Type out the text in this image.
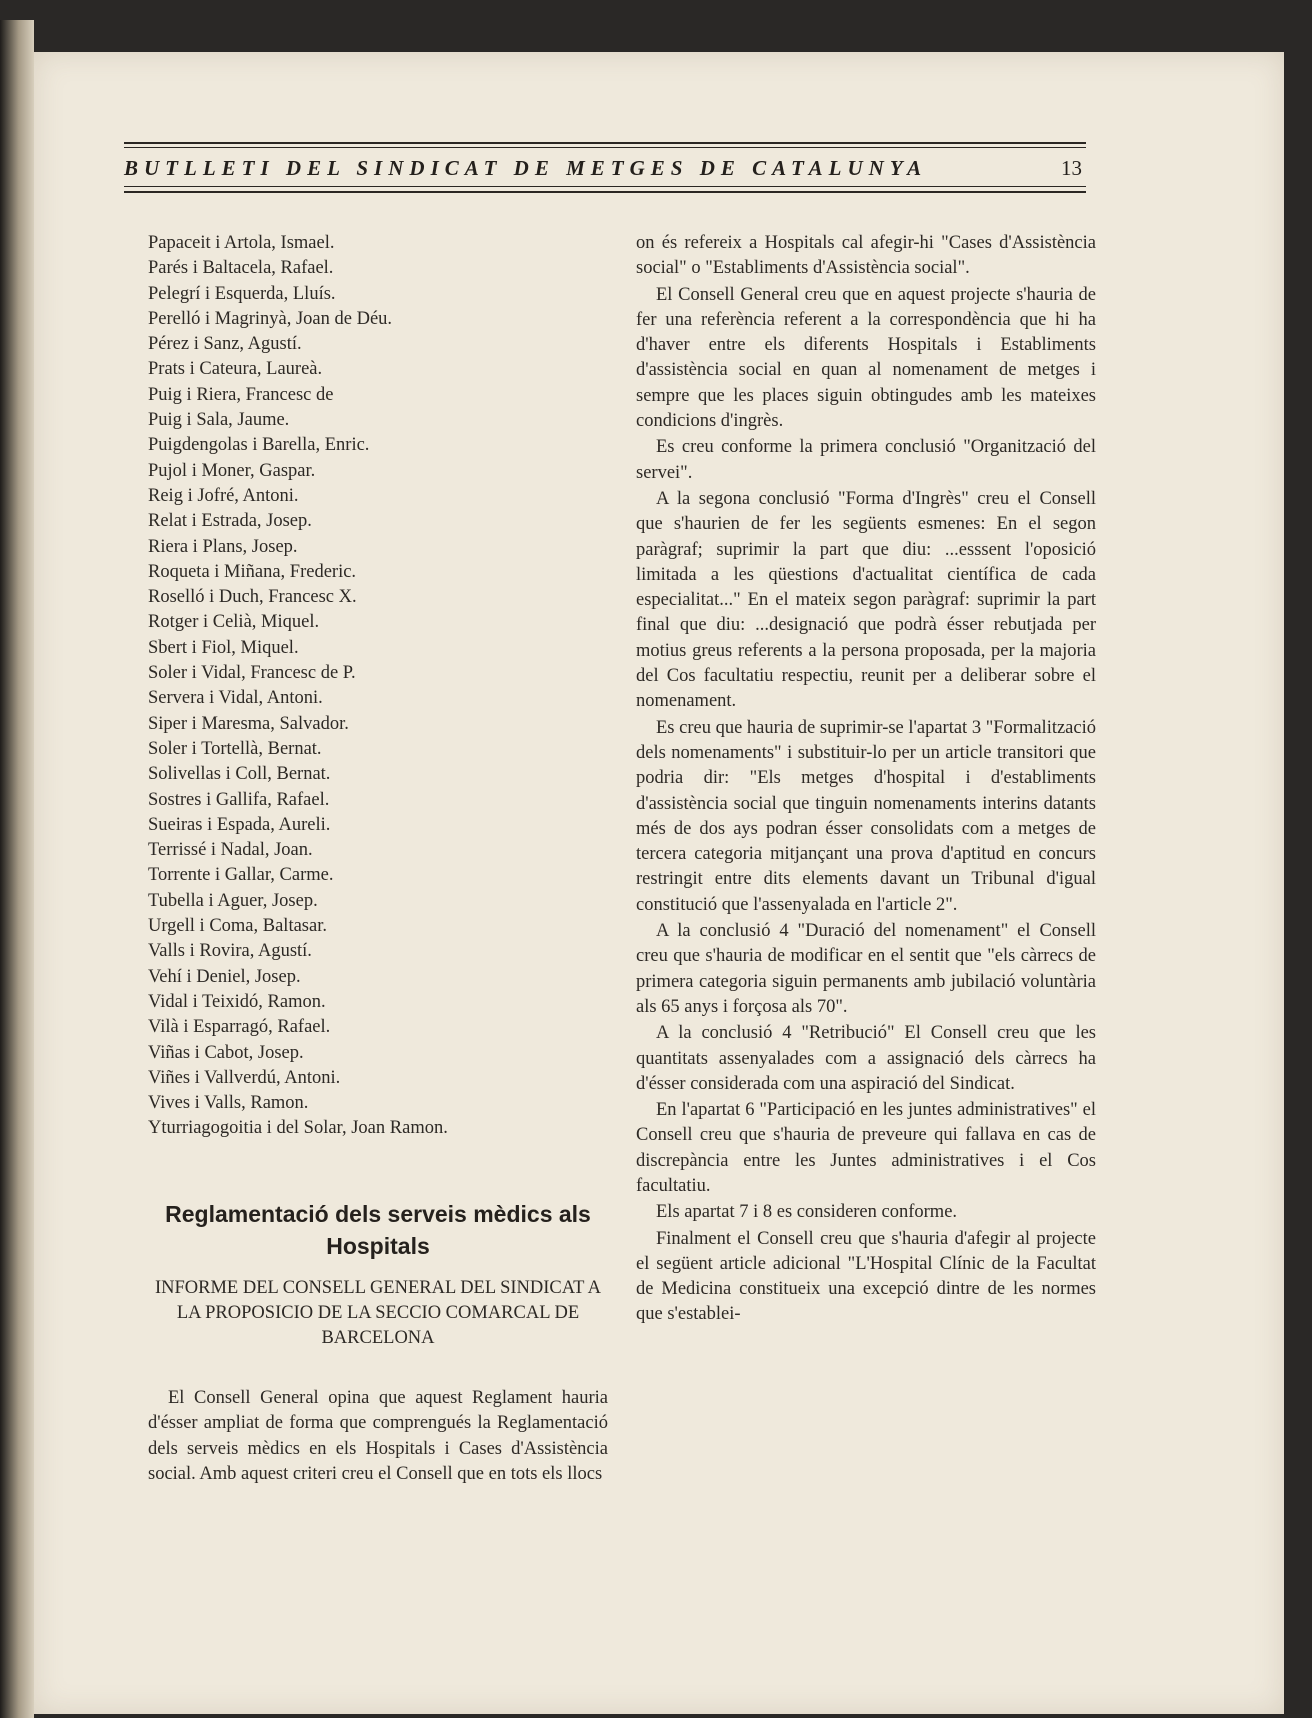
BUTLLETI DEL SINDICAT DE METGES DE CATALUNYA	13
Papaceit i Artola, Ismael.
Parés i Baltacela, Rafael.
Pelegrí i Esquerda, Lluís.
Perelló i Magrinyà, Joan de Déu.
Pérez i Sanz, Agustí.
Prats i Cateura, Laureà.
Puig i Riera, Francesc de
Puig i Sala, Jaume.
Puigdengolas i Barella, Enric.
Pujol i Moner, Gaspar.
Reig i Jofré, Antoni.
Relat i Estrada, Josep.
Riera i Plans, Josep.
Roqueta i Miñana, Frederic.
Roselló i Duch, Francesc X.
Rotger i Celià, Miquel.
Sbert i Fiol, Miquel.
Soler i Vidal, Francesc de P.
Servera i Vidal, Antoni.
Siper i Maresma, Salvador.
Soler i Tortellà, Bernat.
Solivellas i Coll, Bernat.
Sostres i Gallifa, Rafael.
Sueiras i Espada, Aureli.
Terrissé i Nadal, Joan.
Torrente i Gallar, Carme.
Tubella i Aguer, Josep.
Urgell i Coma, Baltasar.
Valls i Rovira, Agustí.
Vehí i Deniel, Josep.
Vidal i Teixidó, Ramon.
Vilà i Esparragó, Rafael.
Viñas i Cabot, Josep.
Viñes i Vallverdú, Antoni.
Vives i Valls, Ramon.
Yturriagogoitia i del Solar, Joan Ramon.
Reglamentació dels serveis mèdics als Hospitals
INFORME DEL CONSELL GENERAL DEL SINDICAT A LA PROPOSICIO DE LA SECCIO COMARCAL DE BARCELONA

El Consell General opina que aquest Reglament hauria d'ésser ampliat de forma que comprengués la Reglamentació dels serveis mèdics en els Hospitals i Cases d'Assistència social. Amb aquest criteri creu el Consell que en tots els llocs

on és refereix a Hospitals cal afegir-hi "Cases d'Assistència social" o "Establiments d'Assistència social".

El Consell General creu que en aquest projecte s'hauria de fer una referència referent a la correspondència que hi ha d'haver entre els diferents Hospitals i Establiments d'assistència social en quan al nomenament de metges i sempre que les places siguin obtingudes amb les mateixes condicions d'ingrès.

Es creu conforme la primera conclusió "Organització del servei".

A la segona conclusió "Forma d'Ingrès" creu el Consell que s'haurien de fer les següents esmenes: En el segon paràgraf; suprimir la part que diu: ...esssent l'oposició limitada a les qüestions d'actualitat científica de cada especialitat..." En el mateix segon paràgraf: suprimir la part final que diu: ...designació que podrà ésser rebutjada per motius greus referents a la persona proposada, per la majoria del Cos facultatiu respectiu, reunit per a deliberar sobre el nomenament.

Es creu que hauria de suprimir-se l'apartat 3 "Formalització dels nomenaments" i substituir-lo per un article transitori que podria dir: "Els metges d'hospital i d'establiments d'assistència social que tinguin nomenaments interins datants més de dos ays podran ésser consolidats com a metges de tercera categoria mitjançant una prova d'aptitud en concurs restringit entre dits elements davant un Tribunal d'igual constitució que l'assenyalada en l'article 2".

A la conclusió 4 "Duració del nomenament" el Consell creu que s'hauria de modificar en el sentit que "els càrrecs de primera categoria siguin permanents amb jubilació voluntària als 65 anys i forçosa als 70".

A la conclusió 4 "Retribució" El Consell creu que les quantitats assenyalades com a assignació dels càrrecs ha d'ésser considerada com una aspiració del Sindicat.

En l'apartat 6 "Participació en les juntes administratives" el Consell creu que s'hauria de preveure qui fallava en cas de discrepància entre les Juntes administratives i el Cos facultatiu.

Els apartat 7 i 8 es consideren conforme.

Finalment el Consell creu que s'hauria d'afegir al projecte el següent article adicional "L'Hospital Clínic de la Facultat de Medicina constitueix una excepció dintre de les normes que s'establei-
